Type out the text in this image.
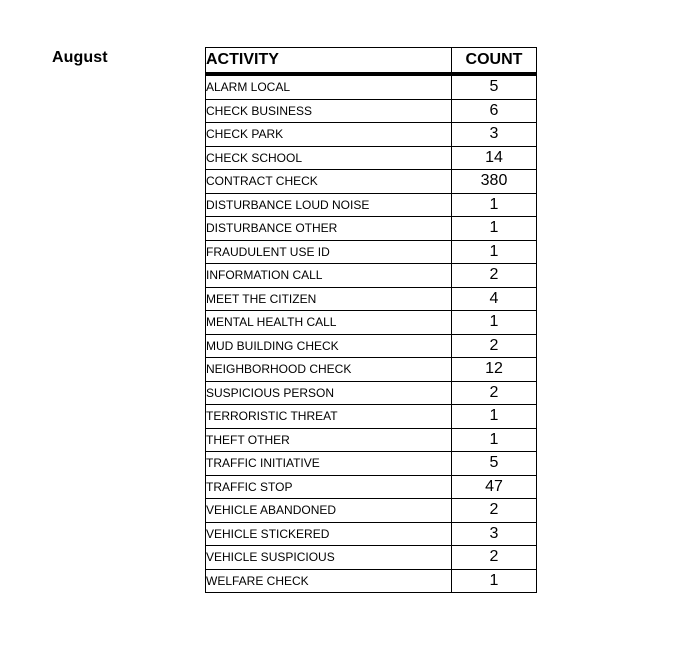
August	ACTIVITY	COUNT
ALARM LOCAL	5
CHECK BUSINESS	6
CHECK PARK	3
CHECK SCHOOL	14
CONTRACT CHECK	380
DISTURBANCE LOUD NOISE	1
DISTURBANCE OTHER	1
FRAUDULENT USE ID	1
INFORMATION CALL	2
MEET THE CITIZEN	4
MENTAL HEALTH CALL	1
MUD BUILDING CHECK	2
NEIGHBORHOOD CHECK	12
SUSPICIOUS PERSON	2
TERRORISTIC THREAT	1
THEFT OTHER	1
TRAFFIC INITIATIVE	5
TRAFFIC STOP	47
VEHICLE ABANDONED	2
VEHICLE STICKERED	3
VEHICLE SUSPICIOUS	2
WELFARE CHECK	1
